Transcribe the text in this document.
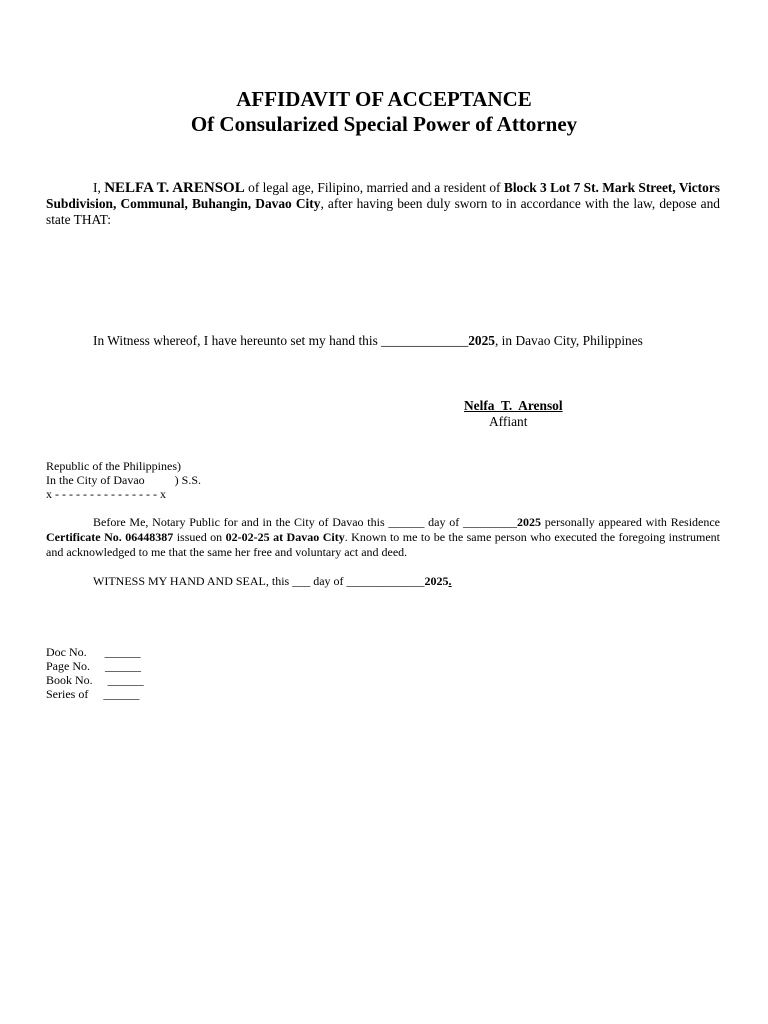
AFFIDAVIT OF ACCEPTANCE
Of Consularized Special Power of Attorney
I, NELFA T. ARENSOL of legal age, Filipino, married and a resident of Block 3 Lot 7 St. Mark Street, Victors Subdivision, Communal, Buhangin, Davao City, after having been duly sworn to in accordance with the law, depose and state THAT:
In Witness whereof, I have hereunto set my hand this _____________2025, in Davao City, Philippines
Nelfa  T.  Arensol
Affiant
Republic of the Philippines)
In the City of Davao          ) S.S.
x - - - - - - - - - - - - - - - x
Before Me, Notary Public for and in the City of Davao this ______ day of _________2025 personally appeared with Residence Certificate No. 06448387 issued on 02-02-25 at Davao City. Known to me to be the same person who executed the foregoing instrument and acknowledged to me that the same her free and voluntary act and deed.
WITNESS MY HAND AND SEAL, this ___ day of _____________2025.
Doc No.      ______
Page No.     ______
Book No.     ______
Series of     ______
